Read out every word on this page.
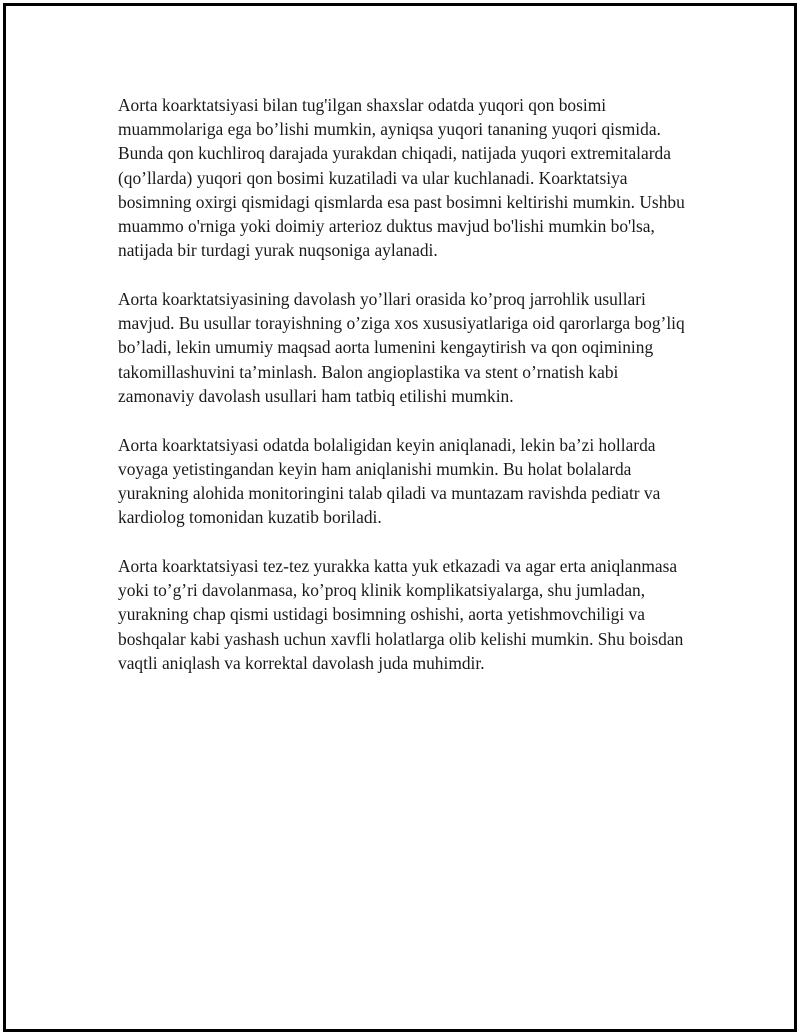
Aorta koarktatsiyasi bilan tug'ilgan shaxslar odatda yuqori qon bosimi muammolariga ega bo’lishi mumkin, ayniqsa yuqori tananing yuqori qismida. Bunda qon kuchliroq darajada yurakdan chiqadi, natijada yuqori extremitalarda (qo’llarda) yuqori qon bosimi kuzatiladi va ular kuchlanadi. Koarktatsiya bosimning oxirgi qismidagi qismlarda esa past bosimni keltirishi mumkin. Ushbu muammo o'rniga yoki doimiy arterioz duktus mavjud bo'lishi mumkin bo'lsa, natijada bir turdagi yurak nuqsoniga aylanadi.

Aorta koarktatsiyasining davolash yo’llari orasida ko’proq jarrohlik usullari mavjud. Bu usullar torayishning o’ziga xos xususiyatlariga oid qarorlarga bog’liq bo’ladi, lekin umumiy maqsad aorta lumenini kengaytirish va qon oqimining takomillashuvini ta’minlash. Balon angioplastika va stent o’rnatish kabi zamonaviy davolash usullari ham tatbiq etilishi mumkin.

Aorta koarktatsiyasi odatda bolaligidan keyin aniqlanadi, lekin ba’zi hollarda voyaga yetistingandan keyin ham aniqlanishi mumkin. Bu holat bolalarda yurakning alohida monitoringini talab qiladi va muntazam ravishda pediatr va kardiolog tomonidan kuzatib boriladi.

Aorta koarktatsiyasi tez-tez yurakka katta yuk etkazadi va agar erta aniqlanmasa yoki to’g’ri davolanmasa, ko’proq klinik komplikatsiyalarga, shu jumladan, yurakning chap qismi ustidagi bosimning oshishi, aorta yetishmovchiligi va boshqalar kabi yashash uchun xavfli holatlarga olib kelishi mumkin. Shu boisdan vaqtli aniqlash va korrektal davolash juda muhimdir.
